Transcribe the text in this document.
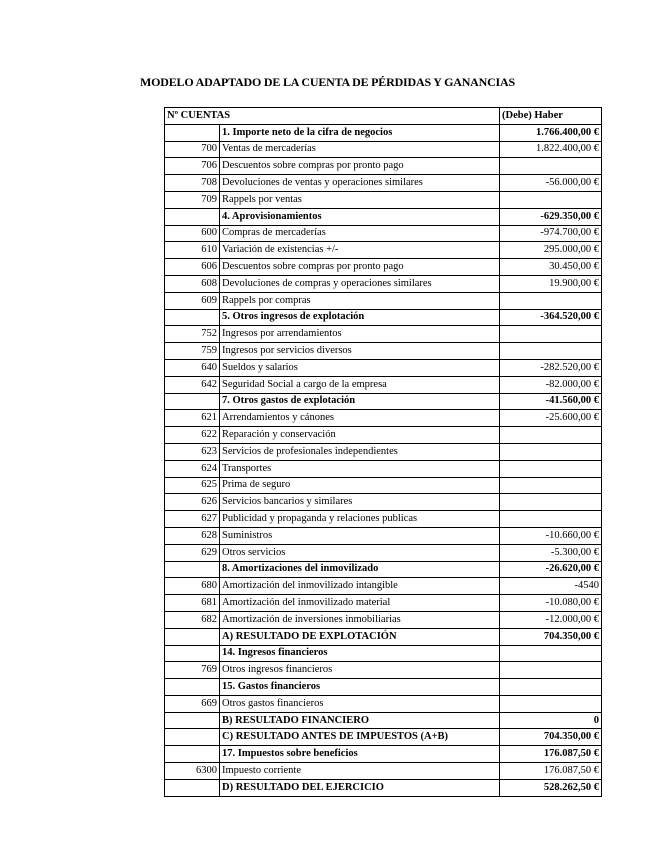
MODELO ADAPTADO DE LA CUENTA DE PÉRDIDAS Y GANANCIAS
Nº CUENTAS		(Debe) Haber
	1. Importe neto de la cifra de negocios	1.766.400,00 €
700	Ventas de mercaderías	1.822.400,00 €
706	Descuentos sobre compras por pronto pago	
708	Devoluciones de ventas y operaciones similares	-56.000,00 €
709	Rappels por ventas	
	4. Aprovisionamientos	-629.350,00 €
600	Compras de mercaderías	-974.700,00 €
610	Variación de existencias +/-	295.000,00 €
606	Descuentos sobre compras por pronto pago	30.450,00 €
608	Devoluciones de compras y operaciones similares	19.900,00 €
609	Rappels por compras	
	5. Otros ingresos de explotación	-364.520,00 €
752	Ingresos por arrendamientos	
759	Ingresos por servicios diversos	
640	Sueldos y salarios	-282.520,00 €
642	Seguridad Social a cargo de la empresa	-82.000,00 €
	7. Otros gastos de explotación	-41.560,00 €
621	Arrendamientos y cánones	-25.600,00 €
622	Reparación y conservación	
623	Servicios de profesionales independientes	
624	Transportes	
625	Prima de seguro	
626	Servicios bancarios y similares	
627	Publicidad y propaganda y relaciones publicas	
628	Suministros	-10.660,00 €
629	Otros servicios	-5.300,00 €
	8. Amortizaciones del inmovilizado	-26.620,00 €
680	Amortización del inmovilizado intangible	-4540
681	Amortización del inmovilizado material	-10.080,00 €
682	Amortización de inversiones inmobiliarias	-12.000,00 €
	A) RESULTADO DE EXPLOTACIÓN	704.350,00 €
	14. Ingresos financieros	
769	Otros ingresos financieros	
	15. Gastos financieros	
669	Otros gastos financieros	
	B) RESULTADO FINANCIERO	0
	C) RESULTADO ANTES DE IMPUESTOS (A+B)	704.350,00 €
	17. Impuestos sobre beneficios	176.087,50 €
6300	Impuesto corriente	176.087,50 €
	D) RESULTADO DEL EJERCICIO	528.262,50 €
